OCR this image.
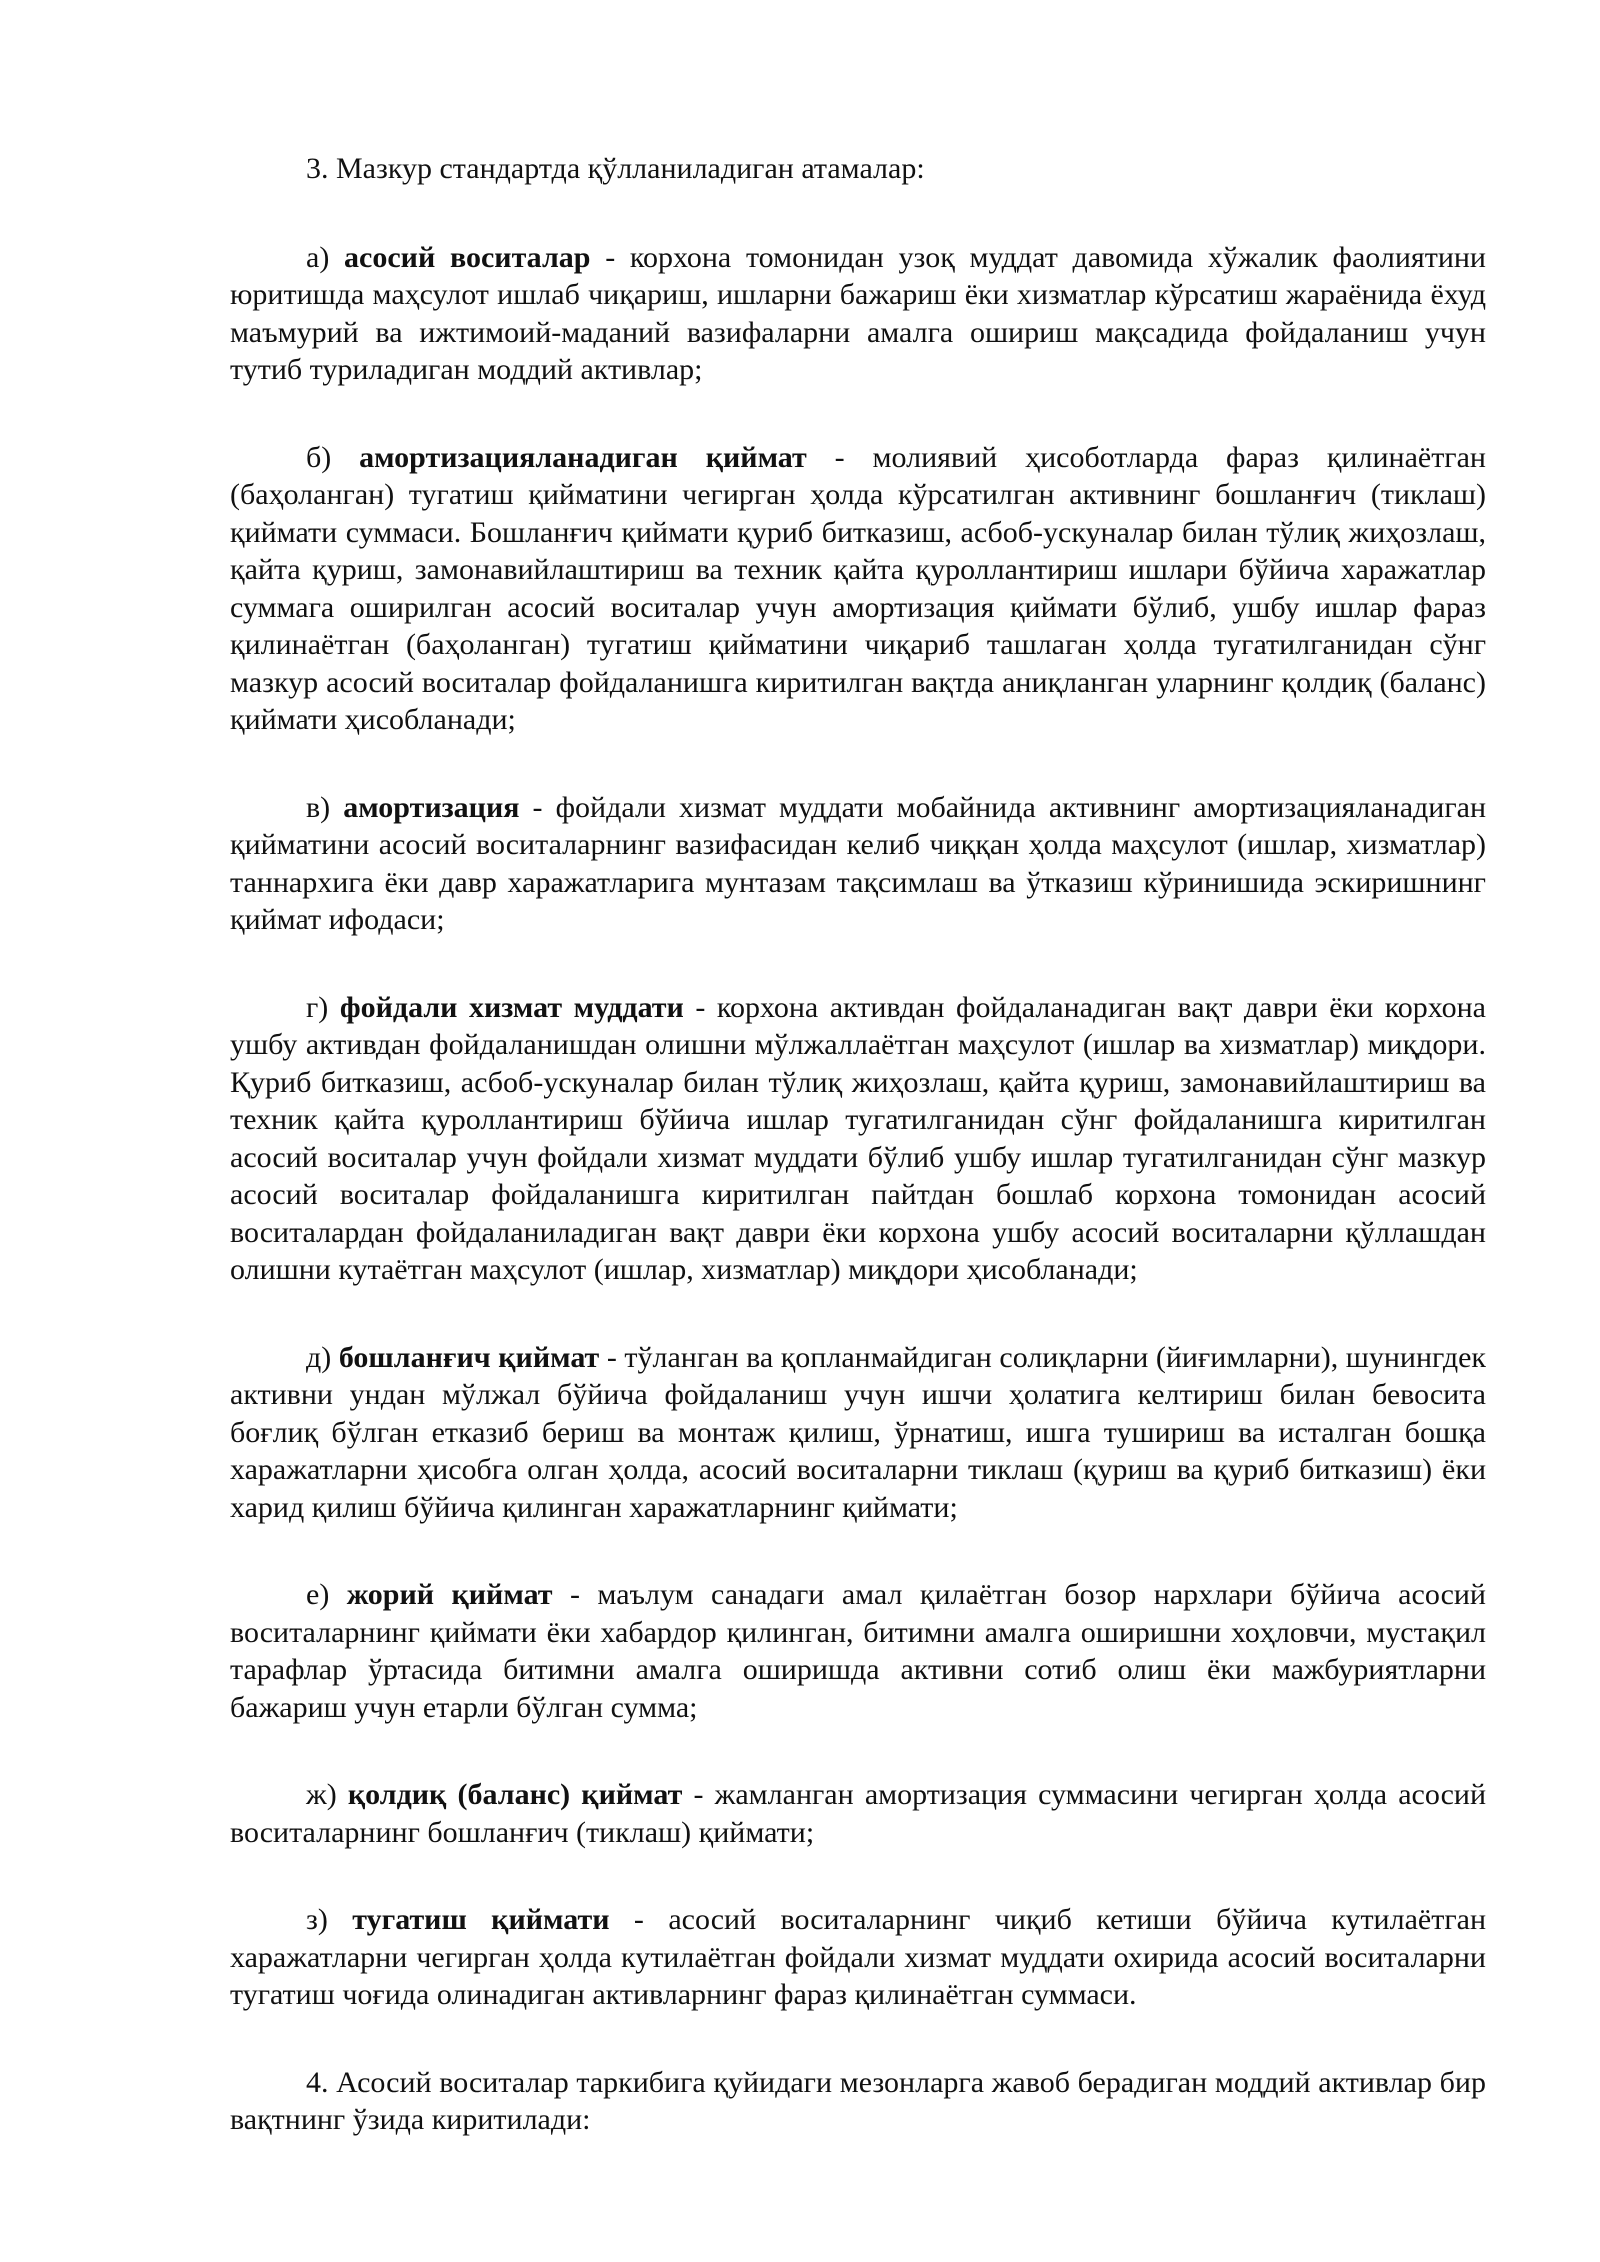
3. Мазкур стандартда қўлланиладиган атамалар:

а) асосий воситалар - корхона томонидан узоқ муддат давомида хўжалик фаолиятини юритишда маҳсулот ишлаб чиқариш, ишларни бажариш ёки хизматлар кўрсатиш жараёнида ёхуд маъмурий ва ижтимоий-маданий вазифаларни амалга ошириш мақсадида фойдаланиш учун тутиб туриладиган моддий активлар;

б) амортизацияланадиган қиймат - молиявий ҳисоботларда фараз қилинаётган (баҳоланган) тугатиш қийматини чегирган ҳолда кўрсатилган активнинг бошланғич (тиклаш) қиймати суммаси. Бошланғич қиймати қуриб битказиш, асбоб-ускуналар билан тўлиқ жиҳозлаш, қайта қуриш, замонавийлаштириш ва техник қайта қуроллантириш ишлари бўйича харажатлар суммага оширилган асосий воситалар учун амортизация қиймати бўлиб, ушбу ишлар фараз қилинаётган (баҳоланган) тугатиш қийматини чиқариб ташлаган ҳолда тугатилганидан сўнг мазкур асосий воситалар фойдаланишга киритилган вақтда аниқланган уларнинг қолдиқ (баланс) қиймати ҳисобланади;

в) амортизация - фойдали хизмат муддати мобайнида активнинг амортизацияланадиган қийматини асосий воситаларнинг вазифасидан келиб чиққан ҳолда маҳсулот (ишлар, хизматлар) таннархига ёки давр харажатларига мунтазам тақсимлаш ва ўтказиш кўринишида эскиришнинг қиймат ифодаси;

г) фойдали хизмат муддати - корхона активдан фойдаланадиган вақт даври ёки корхона ушбу активдан фойдаланишдан олишни мўлжаллаётган маҳсулот (ишлар ва хизматлар) миқдори. Қуриб битказиш, асбоб-ускуналар билан тўлиқ жиҳозлаш, қайта қуриш, замонавийлаштириш ва техник қайта қуроллантириш бўйича ишлар тугатилганидан сўнг фойдаланишга киритилган асосий воситалар учун фойдали хизмат муддати бўлиб ушбу ишлар тугатилганидан сўнг мазкур асосий воситалар фойдаланишга киритилган пайтдан бошлаб корхона томонидан асосий воситалардан фойдаланиладиган вақт даври ёки корхона ушбу асосий воситаларни қўллашдан олишни кутаётган маҳсулот (ишлар, хизматлар) миқдори ҳисобланади;

д) бошланғич қиймат - тўланган ва қопланмайдиган солиқларни (йиғимларни), шунингдек активни ундан мўлжал бўйича фойдаланиш учун ишчи ҳолатига келтириш билан бевосита боғлиқ бўлган етказиб бериш ва монтаж қилиш, ўрнатиш, ишга тушириш ва исталган бошқа харажатларни ҳисобга олган ҳолда, асосий воситаларни тиклаш (қуриш ва қуриб битказиш) ёки харид қилиш бўйича қилинган харажатларнинг қиймати;

е) жорий қиймат - маълум санадаги амал қилаётган бозор нархлари бўйича асосий воситаларнинг қиймати ёки хабардор қилинган, битимни амалга оширишни хоҳловчи, мустақил тарафлар ўртасида битимни амалга оширишда активни сотиб олиш ёки мажбуриятларни бажариш учун етарли бўлган сумма;

ж) қолдиқ (баланс) қиймат - жамланган амортизация суммасини чегирган ҳолда асосий воситаларнинг бошланғич (тиклаш) қиймати;

з) тугатиш қиймати - асосий воситаларнинг чиқиб кетиши бўйича кутилаётган харажатларни чегирган ҳолда кутилаётган фойдали хизмат муддати охирида асосий воситаларни тугатиш чоғида олинадиган активларнинг фараз қилинаётган суммаси.

4. Асосий воситалар таркибига қуйидаги мезонларга жавоб берадиган моддий активлар бир вақтнинг ўзида киритилади:
